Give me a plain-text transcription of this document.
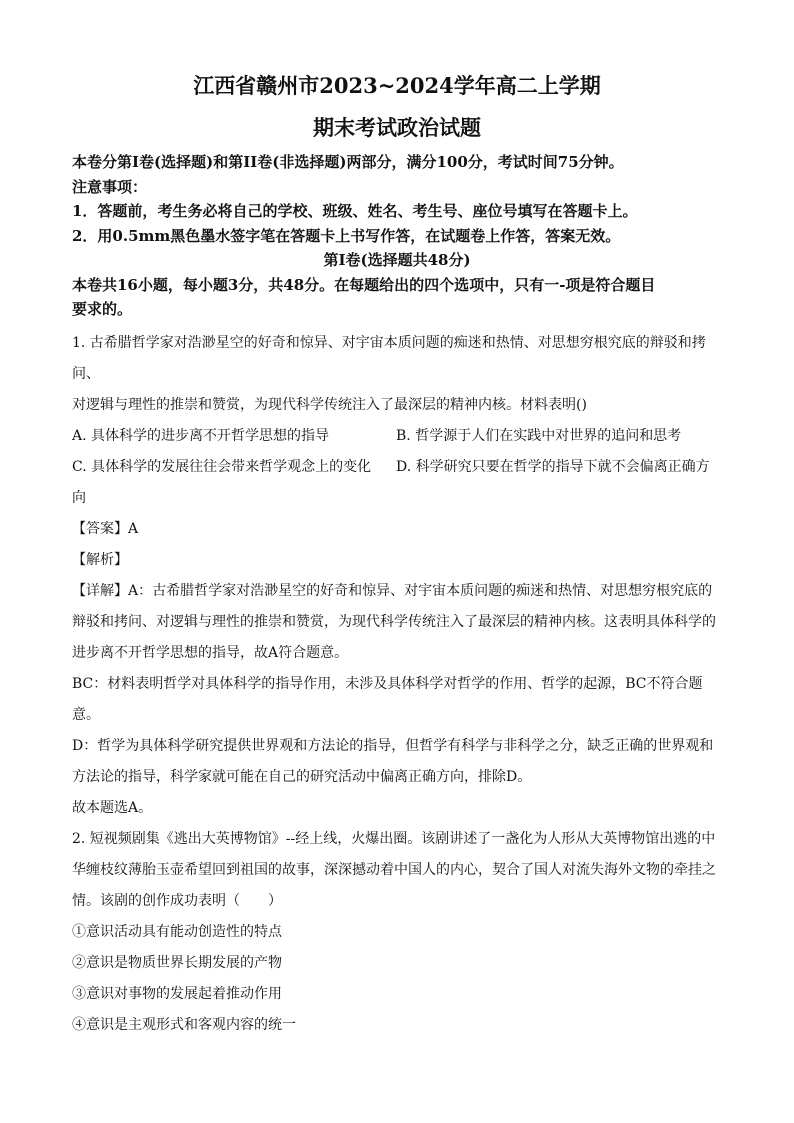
江西省赣州市2023~2024学年高二上学期
期末考试政治试题

本卷分第I卷(选择题)和第II卷(非选择题)两部分，满分100分，考试时间75分钟。

注意事项：

1．答题前，考生务必将自己的学校、班级、姓名、考生号、座位号填写在答题卡上。

2．用0.5mm黑色墨水签字笔在答题卡上书写作答，在试题卷上作答，答案无效。

第I卷(选择题共48分)

本卷共16小题，每小题3分，共48分。在每题给出的四个选项中，只有一-项是符合题目

要求的。

1. 古希腊哲学家对浩渺星空的好奇和惊异、对宇宙本质问题的痴迷和热情、对思想穷根究底的辩驳和拷问、

对逻辑与理性的推崇和赞赏，为现代科学传统注入了最深层的精神内核。材料表明()

A. 具体科学的进步离不开哲学思想的指导	B. 哲学源于人们在实践中对世界的追问和思考
C. 具体科学的发展往往会带来哲学观念上的变化	D. 科学研究只要在哲学的指导下就不会偏离正确方

向

【答案】A

【解析】

【详解】A：古希腊哲学家对浩渺星空的好奇和惊异、对宇宙本质问题的痴迷和热情、对思想穷根究底的

辩驳和拷问、对逻辑与理性的推崇和赞赏，为现代科学传统注入了最深层的精神内核。这表明具体科学的

进步离不开哲学思想的指导，故A符合题意。

BC：材料表明哲学对具体科学的指导作用，未涉及具体科学对哲学的作用、哲学的起源，BC不符合题

意。

D：哲学为具体科学研究提供世界观和方法论的指导，但哲学有科学与非科学之分，缺乏正确的世界观和

方法论的指导，科学家就可能在自己的研究活动中偏离正确方向，排除D。

故本题选A。

2. 短视频剧集《逃出大英博物馆》--经上线，火爆出圈。该剧讲述了一盏化为人形从大英博物馆出逃的中

华缠枝纹薄胎玉壶希望回到祖国的故事，深深撼动着中国人的内心，契合了国人对流失海外文物的牵挂之

情。该剧的创作成功表明（　　）

①意识活动具有能动创造性的特点

②意识是物质世界长期发展的产物

③意识对事物的发展起着推动作用

④意识是主观形式和客观内容的统一
